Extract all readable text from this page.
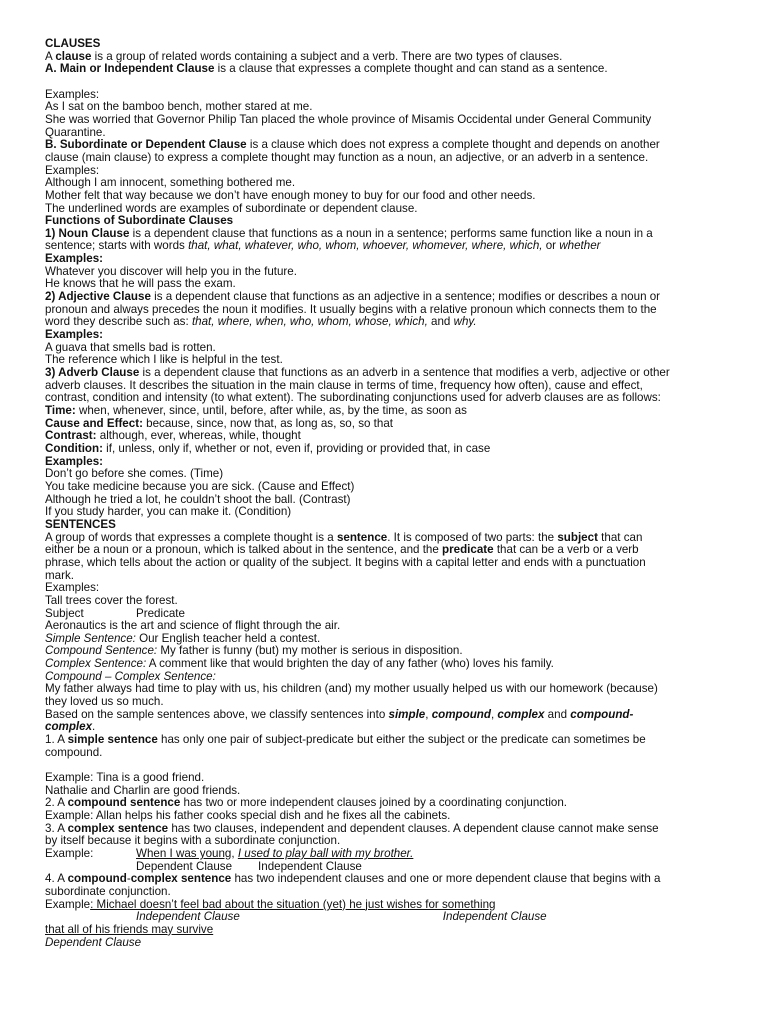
CLAUSES
A clause is a group of related words containing a subject and a verb. There are two types of clauses.
A. Main or Independent Clause is a clause that expresses a complete thought and can stand as a sentence.
Examples:
As I sat on the bamboo bench, mother stared at me.
She was worried that Governor Philip Tan placed the whole province of Misamis Occidental under General Community
Quarantine.
B. Subordinate or Dependent Clause is a clause which does not express a complete thought and depends on another
clause (main clause) to express a complete thought may function as a noun, an adjective, or an adverb in a sentence.
Examples:
Although I am innocent, something bothered me.
Mother felt that way because we don’t have enough money to buy for our food and other needs.
The underlined words are examples of subordinate or dependent clause.
Functions of Subordinate Clauses
1) Noun Clause is a dependent clause that functions as a noun in a sentence; performs same function like a noun in a
sentence; starts with words that, what, whatever, who, whom, whoever, whomever, where, which, or whether
Examples:
Whatever you discover will help you in the future.
He knows that he will pass the exam.
2) Adjective Clause is a dependent clause that functions as an adjective in a sentence; modifies or describes a noun or
pronoun and always precedes the noun it modifies. It usually begins with a relative pronoun which connects them to the
word they describe such as: that, where, when, who, whom, whose, which, and why.
Examples:
A guava that smells bad is rotten.
The reference which I like is helpful in the test.
3) Adverb Clause is a dependent clause that functions as an adverb in a sentence that modifies a verb, adjective or other
adverb clauses. It describes the situation in the main clause in terms of time, frequency how often), cause and effect,
contrast, condition and intensity (to what extent). The subordinating conjunctions used for adverb clauses are as follows:
Time: when, whenever, since, until, before, after while, as, by the time, as soon as
Cause and Effect: because, since, now that, as long as, so, so that
Contrast: although, ever, whereas, while, thought
Condition: if, unless, only if, whether or not, even if, providing or provided that, in case
Examples:
Don’t go before she comes. (Time)
You take medicine because you are sick. (Cause and Effect)
Although he tried a lot, he couldn’t shoot the ball. (Contrast)
If you study harder, you can make it. (Condition)
SENTENCES
A group of words that expresses a complete thought is a sentence. It is composed of two parts: the subject that can
either be a noun or a pronoun, which is talked about in the sentence, and the predicate that can be a verb or a verb
phrase, which tells about the action or quality of the subject. It begins with a capital letter and ends with a punctuation
mark.
Examples:
Tall trees cover the forest.
Subject	Predicate
Aeronautics is the art and science of flight through the air.
Simple Sentence: Our English teacher held a contest.
Compound Sentence: My father is funny (but) my mother is serious in disposition.
Complex Sentence: A comment like that would brighten the day of any father (who) loves his family.
Compound – Complex Sentence:
My father always had time to play with us, his children (and) my mother usually helped us with our homework (because)
they loved us so much.
Based on the sample sentences above, we classify sentences into simple, compound, complex and compound-
complex.
1. A simple sentence has only one pair of subject-predicate but either the subject or the predicate can sometimes be
compound.
Example: Tina is a good friend.
Nathalie and Charlin are good friends.
2. A compound sentence has two or more independent clauses joined by a coordinating conjunction.
Example: Allan helps his father cooks special dish and he fixes all the cabinets.
3. A complex sentence has two clauses, independent and dependent clauses. A dependent clause cannot make sense
by itself because it begins with a subordinate conjunction.
Example:	When I was young, I used to play ball with my brother.
Dependent Clause Independent Clause
4. A compound-complex sentence has two independent clauses and one or more dependent clause that begins with a
subordinate conjunction.
Example: Michael doesn’t feel bad about the situation (yet) he just wishes for something
Independent Clause	Independent Clause
that all of his friends may survive
Dependent Clause
